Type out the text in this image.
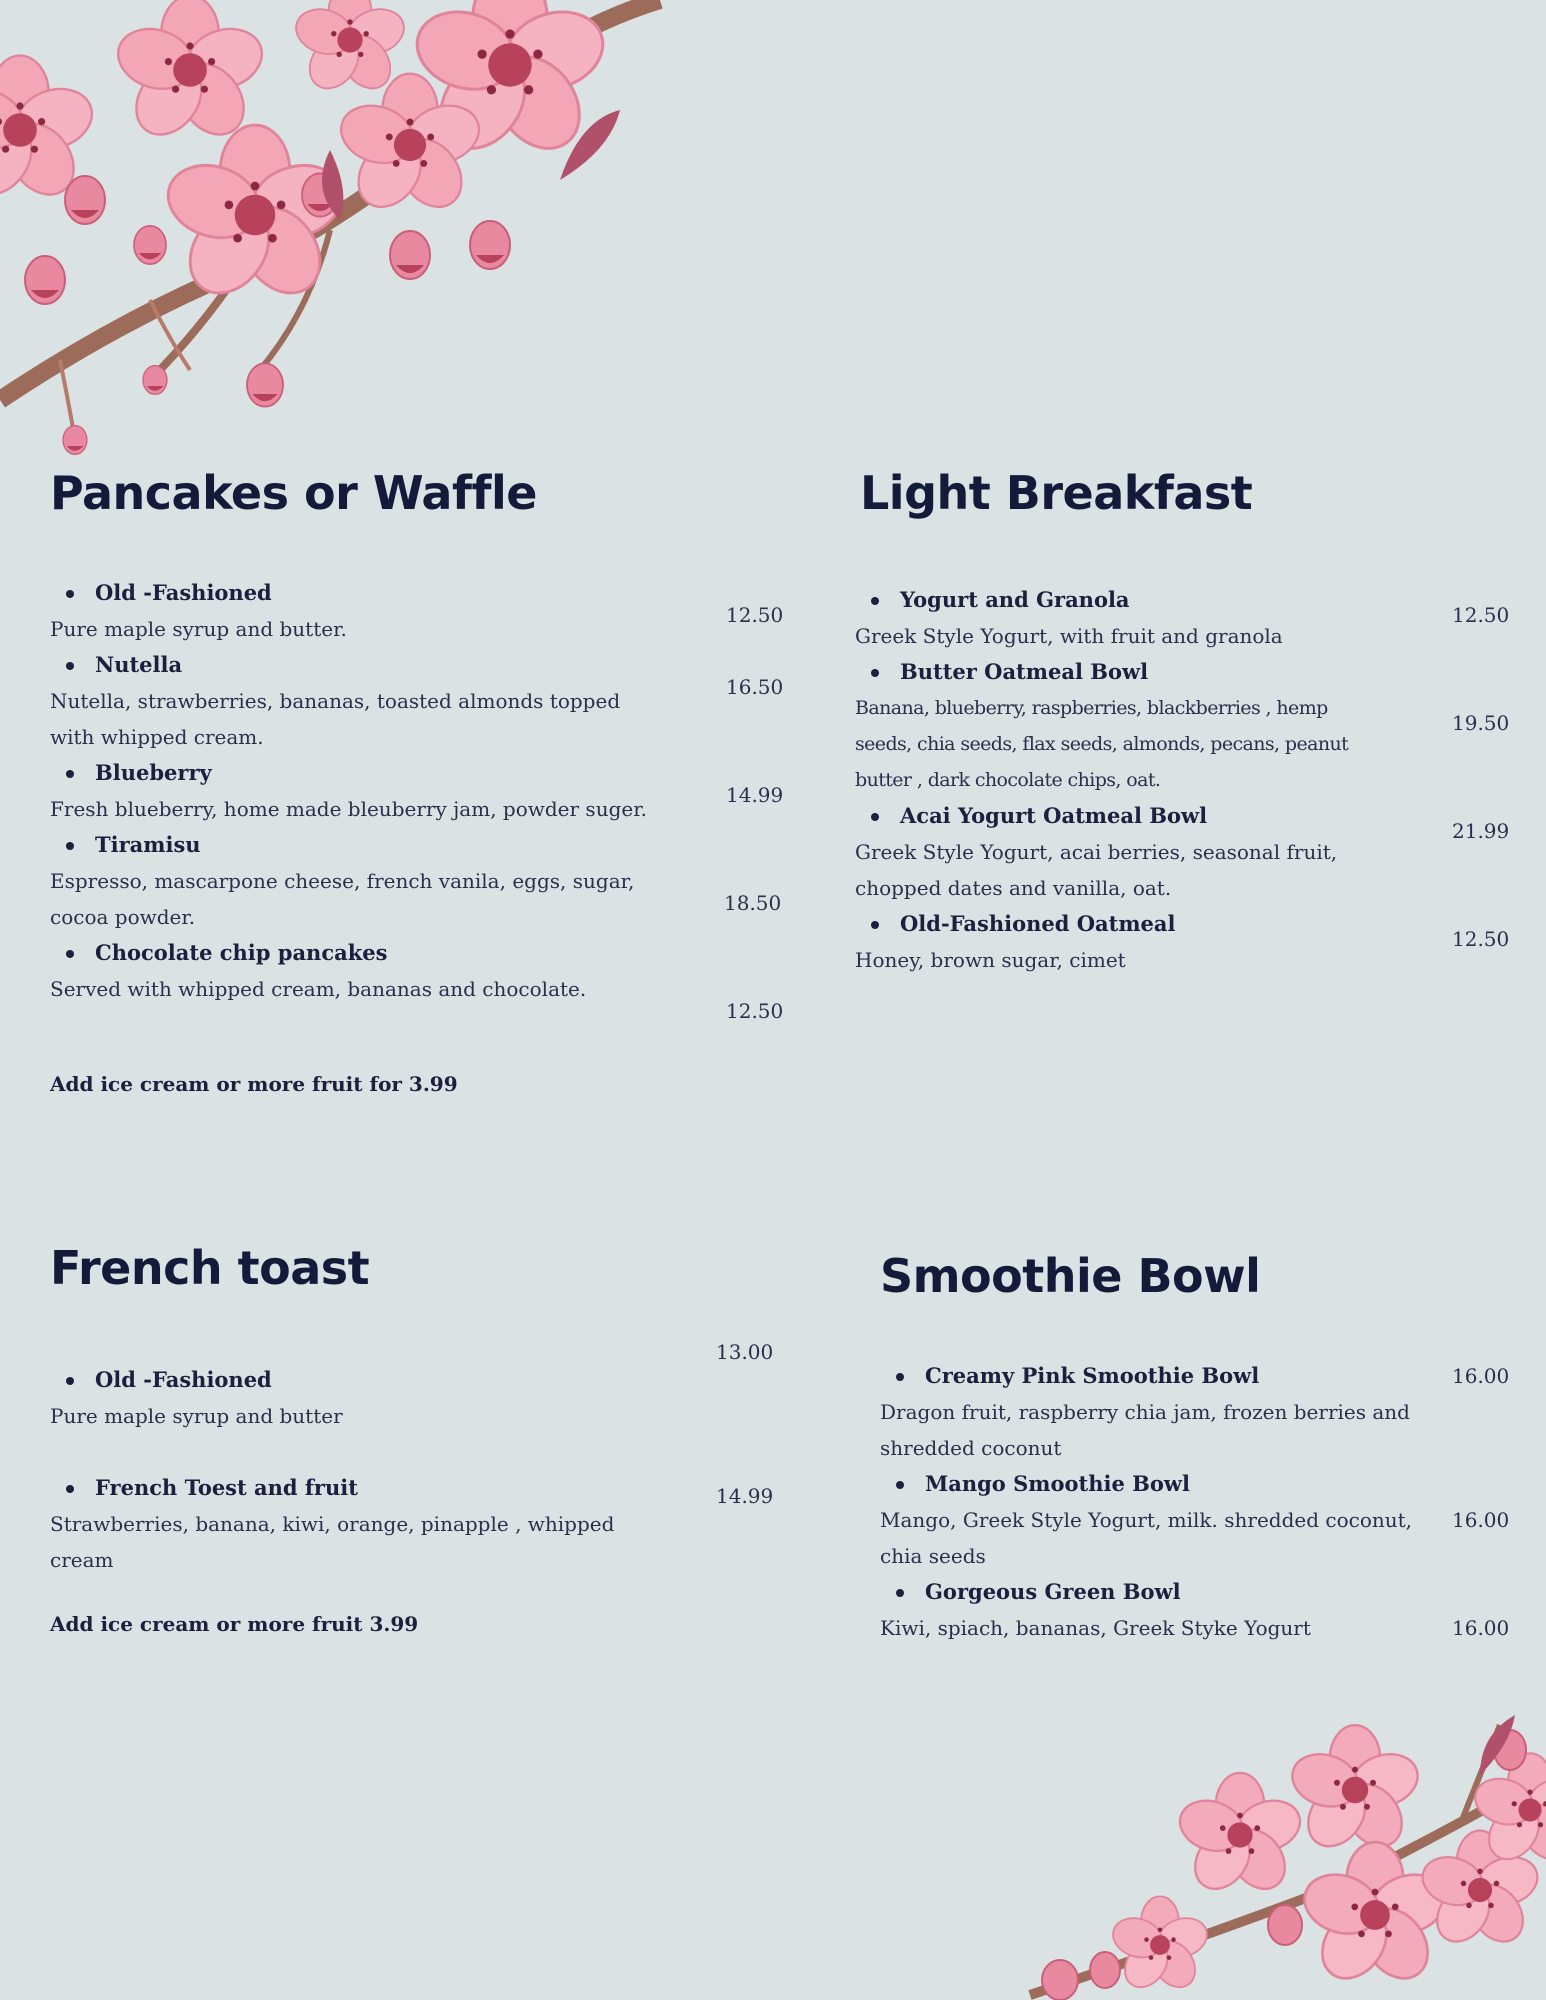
Pancakes or Waffle
Old -Fashioned
Pure maple syrup and butter.
Nutella
Nutella, strawberries, bananas, toasted almonds topped with whipped cream.
Blueberry
Fresh blueberry, home made bleuberry jam, powder suger.
Tiramisu
Espresso, mascarpone cheese, french vanila, eggs, sugar, cocoa powder.
Chocolate chip pancakes
Served with whipped cream, bananas and chocolate.
12.50
16.50
14.99
18.50
12.50
Add ice cream or more fruit for 3.99
Light Breakfast
Yogurt and Granola
Greek Style Yogurt, with fruit and granola
Butter Oatmeal Bowl
Banana, blueberry, raspberries, blackberries , hemp seeds, chia seeds, flax seeds, almonds, pecans, peanut butter , dark chocolate chips, oat.
Acai Yogurt Oatmeal Bowl
Greek Style Yogurt, acai berries, seasonal fruit, chopped dates and vanilla, oat.
Old-Fashioned Oatmeal
Honey, brown sugar, cimet
12.50
19.50
21.99
12.50
French toast
Old -Fashioned
Pure maple syrup and butter
French Toest and fruit
Strawberries, banana, kiwi, orange, pinapple , whipped cream
13.00
14.99
Add ice cream or more fruit 3.99
Smoothie Bowl
Creamy Pink Smoothie Bowl
Dragon fruit, raspberry chia jam, frozen berries and shredded coconut
Mango Smoothie Bowl
Mango, Greek Style Yogurt, milk. shredded coconut, chia seeds
Gorgeous Green Bowl
Kiwi, spiach, bananas, Greek Styke Yogurt
16.00
16.00
16.00
